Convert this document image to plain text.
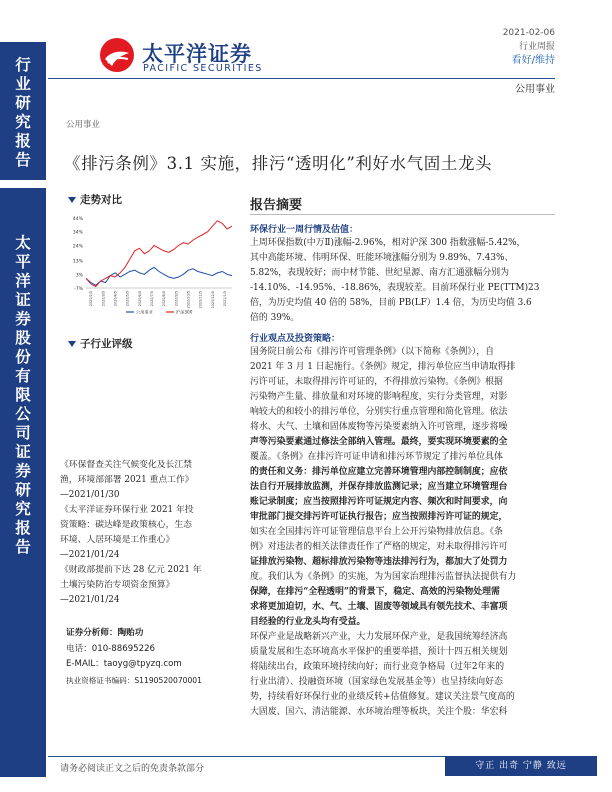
行
业
研
究
报
告
太
平
洋
证
券
股
份
有
限
公
司
证
券
研
究
报
告
太平洋证券
PACIFIC SECURITIES
2021-02-06
行业周报
看好/维持
公用事业
公用事业
《排污条例》3.1 实施，排污“透明化”利好水气固土龙头
走势对比
44%
34%
24%
13%
3%
-7%
2020/2/5 2020/3/5 2020/4/5 2020/5/5 2020/6/5 2020/7/5 2020/8/5 2020/9/5 2020/10/5 2020/11/5 2020/12/5 2021/1/5
公用事业	沪深300
子行业评级
《环保督查关注气候变化及长江禁
渔，环境部部署 2021 重点工作》
—2021/01/30
《太平洋证券环保行业 2021 年投
资策略：碳达峰是政策核心，生态
环境、人居环境是工作重心》
—2021/01/24
《财政部提前下达 28 亿元 2021 年
土壤污染防治专项资金预算》
—2021/01/24
证券分析师：陶贻功
电话：010-88695226
E-MAIL：taoyg@tpyzq.com
执业资格证书编码：S1190520070001
报告摘要
环保行业一周行情及估值：
上周环保指数(中万Ⅱ)涨幅-2.96%，相对沪深 300 指数涨幅-5.42%，
其中高能环境、伟明环保、旺能环境涨幅分别为 9.89%、7.43%、
5.82%，表现较好；而中材节能、世纪星源、南方汇通涨幅分别为
-14.10%、-14.95%、-18.86%，表现较差。目前环保行业 PE(TTM)23
倍，为历史均值 40 倍的 58%，目前 PB(LF）1.4 倍，为历史均值 3.6
倍的 39%。
行业观点及投资策略：
国务院日前公布《排污许可管理条例》（以下简称《条例》），自
2021 年 3 月 1 日起施行。《条例》规定，排污单位应当申请取得排
污许可证，未取得排污许可证的，不得排放污染物。《条例》根据
污染物产生量、排放量和对环境的影响程度，实行分类管理，对影
响较大的和较小的排污单位，分别实行重点管理和简化管理。依法
将水、大气、土壤和固体废物等污染要素纳入许可管理，逐步将噪
声等污染要素通过修法全部纳入管理。最终，要实现环境要素的全
覆盖。《条例》在排污许可证申请和排污环节规定了排污单位具体
的责任和义务：排污单位应建立完善环境管理内部控制制度；应依
法自行开展排放监测，并保存排放监测记录；应当建立环境管理台
账记录制度；应当按照排污许可证规定内容、频次和时间要求，向
审批部门提交排污许可证执行报告；应当按照排污许可证的规定，
如实在全国排污许可证管理信息平台上公开污染物排放信息。《条
例》对违法者的相关法律责任作了严格的规定，对未取得排污许可
证排放污染物、超标排放污染物等违法排污行为，都加大了处罚力
度。我们认为《条例》的实施，为为国家治理排污监督执法提供有力
保障，在排污“全程透明”的背景下，稳定、高效的污染物处理需
求将更加迫切，水、气、土壤、固废等领域具有领先技术、丰富项
目经验的行业龙头均有受益。
环保产业是战略新兴产业，大力发展环保产业，是我国统筹经济高
质量发展和生态环境高水平保护的重要举措，预计十四五相关规划
将陆续出台，政策环境持续向好；而行业竞争格局（过年2年来的
行业出清）、投融资环境（国家绿色发展基金等）也呈持续向好态
势，持续看好环保行业的业绩反转+估值修复。建议关注景气度高的
大固废、国六、清洁能源、水环境治理等板块，关注个股：华宏科
请务必阅读正文之后的免责条款部分	守正 出奇 宁静 致远
